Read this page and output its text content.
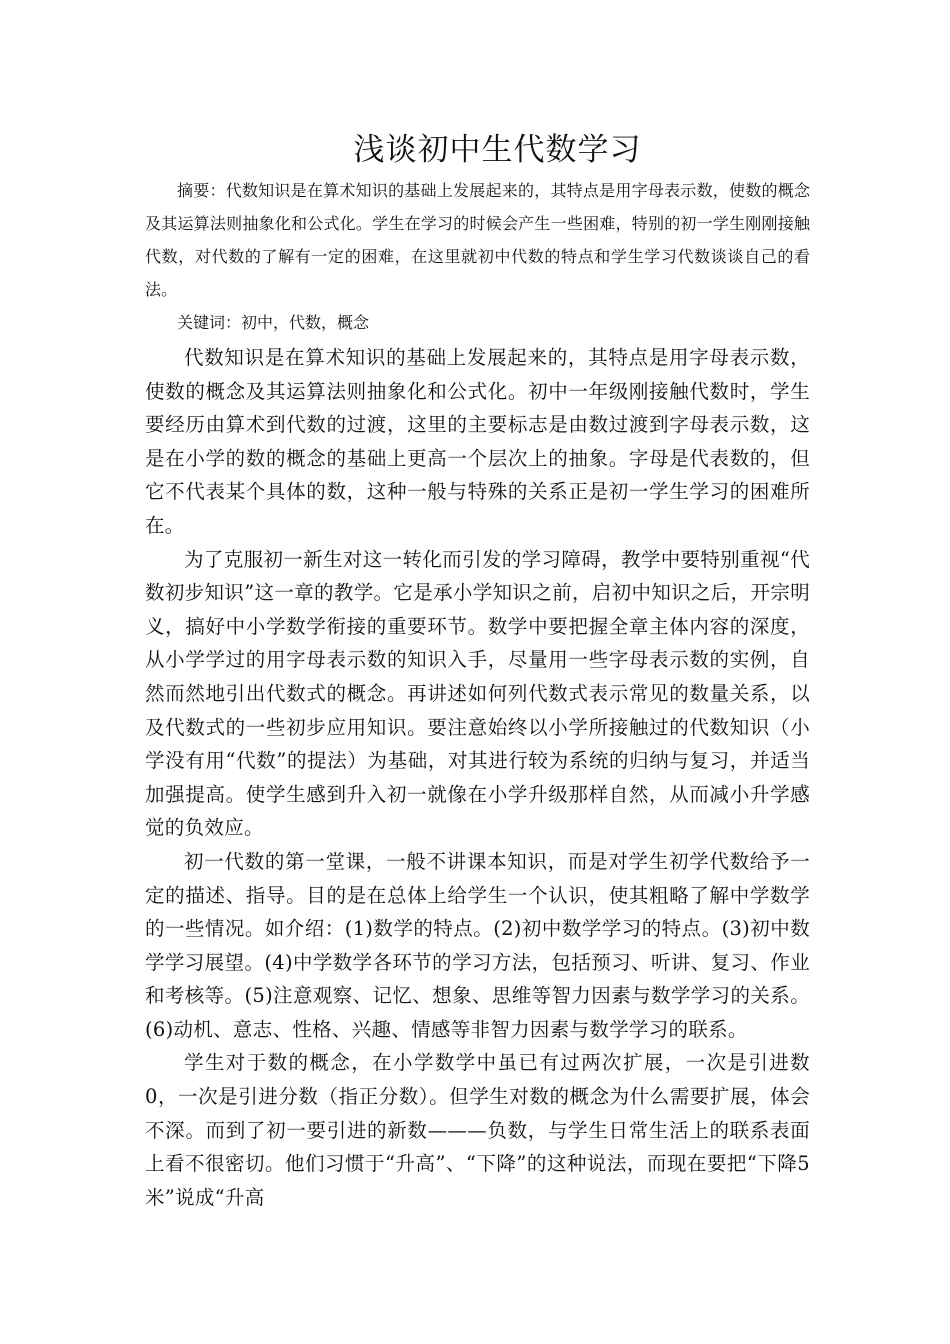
浅谈初中生代数学习

摘要：代数知识是在算术知识的基础上发展起来的，其特点是用字母表示数，使数的概念及其运算法则抽象化和公式化。学生在学习的时候会产生一些困难，特别的初一学生刚刚接触代数，对代数的了解有一定的困难，在这里就初中代数的特点和学生学习代数谈谈自己的看法。

关键词：初中，代数，概念

代数知识是在算术知识的基础上发展起来的，其特点是用字母表示数，使数的概念及其运算法则抽象化和公式化。初中一年级刚接触代数时，学生要经历由算术到代数的过渡，这里的主要标志是由数过渡到字母表示数，这是在小学的数的概念的基础上更高一个层次上的抽象。字母是代表数的，但它不代表某个具体的数，这种一般与特殊的关系正是初一学生学习的困难所在。

为了克服初一新生对这一转化而引发的学习障碍，教学中要特别重视“代数初步知识”这一章的教学。它是承小学知识之前，启初中知识之后，开宗明义，搞好中小学数学衔接的重要环节。数学中要把握全章主体内容的深度，从小学学过的用字母表示数的知识入手，尽量用一些字母表示数的实例，自然而然地引出代数式的概念。再讲述如何列代数式表示常见的数量关系，以及代数式的一些初步应用知识。要注意始终以小学所接触过的代数知识（小学没有用“代数”的提法）为基础，对其进行较为系统的归纳与复习，并适当加强提高。使学生感到升入初一就像在小学升级那样自然，从而减小升学感觉的负效应。

初一代数的第一堂课，一般不讲课本知识，而是对学生初学代数给予一定的描述、指导。目的是在总体上给学生一个认识，使其粗略了解中学数学的一些情况。如介绍：(1)数学的特点。(2)初中数学学习的特点。(3)初中数学学习展望。(4)中学数学各环节的学习方法，包括预习、听讲、复习、作业和考核等。(5)注意观察、记忆、想象、思维等智力因素与数学学习的关系。(6)动机、意志、性格、兴趣、情感等非智力因素与数学学习的联系。

学生对于数的概念，在小学数学中虽已有过两次扩展，一次是引进数0，一次是引进分数（指正分数）。但学生对数的概念为什么需要扩展，体会不深。而到了初一要引进的新数———负数，与学生日常生活上的联系表面上看不很密切。他们习惯于“升高”、“下降”的这种说法，而现在要把“下降5米”说成“升高
